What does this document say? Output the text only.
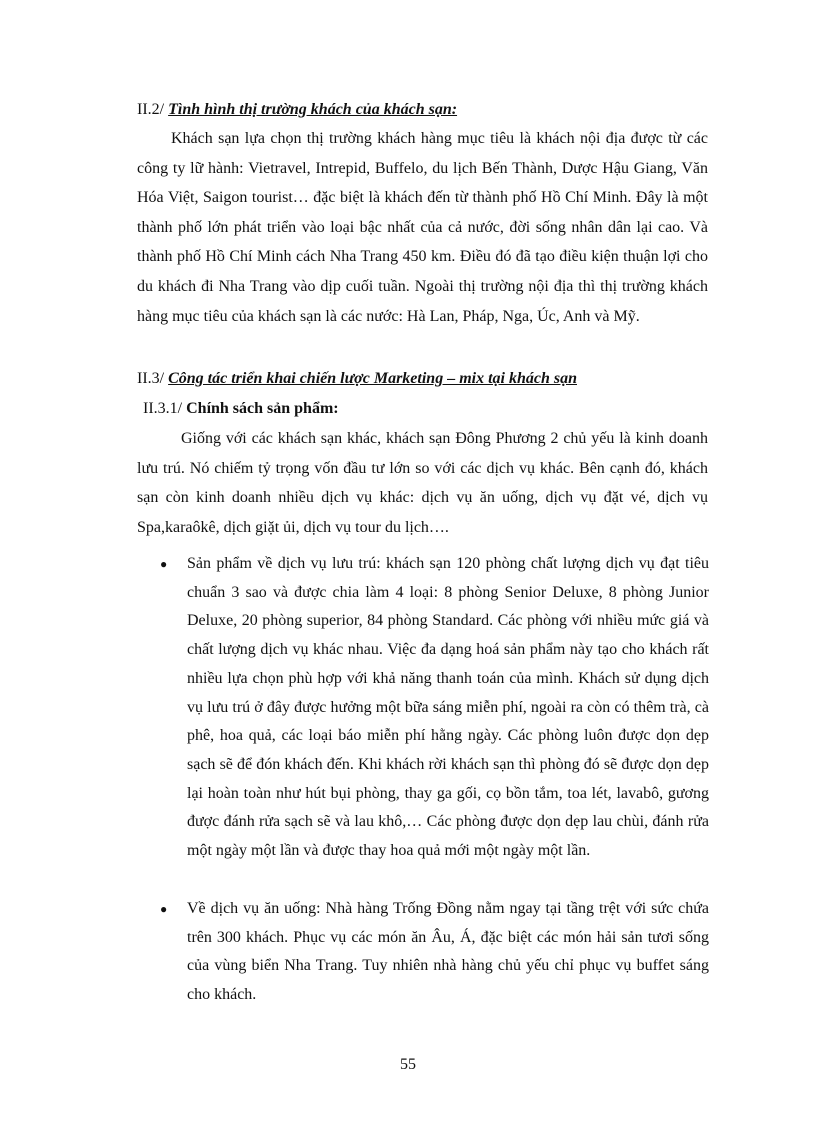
II.2/ Tình hình thị trường khách của khách sạn:
Khách sạn lựa chọn thị trường khách hàng mục tiêu là khách nội địa được từ các công ty lữ hành: Vietravel, Intrepid, Buffelo, du lịch Bến Thành, Dược Hậu Giang, Văn Hóa Việt, Saigon tourist… đặc biệt là khách đến từ thành phố Hồ Chí Minh. Đây là một thành phố lớn phát triển vào loại bậc nhất của cả nước, đời sống nhân dân lại cao. Và thành phố Hồ Chí Minh cách Nha Trang 450 km. Điều đó đã tạo điều kiện thuận lợi cho du khách đi Nha Trang vào dịp cuối tuần. Ngoài thị trường nội địa thì thị trường khách hàng mục tiêu của khách sạn là các nước: Hà Lan, Pháp, Nga, Úc, Anh và Mỹ.
II.3/ Công tác triển khai chiến lược Marketing – mix tại khách sạn
II.3.1/ Chính sách sản phẩm:
Giống với các khách sạn khác, khách sạn Đông Phương 2 chủ yếu là kinh doanh lưu trú. Nó chiếm tỷ trọng vốn đầu tư lớn so với các dịch vụ khác. Bên cạnh đó, khách sạn còn kinh doanh nhiều dịch vụ khác: dịch vụ ăn uống, dịch vụ đặt vé, dịch vụ Spa,karaôkê, dịch giặt ủi, dịch vụ tour du lịch….
● Sản phẩm về dịch vụ lưu trú: khách sạn 120 phòng chất lượng dịch vụ đạt tiêu chuẩn 3 sao và được chia làm 4 loại: 8 phòng Senior Deluxe, 8 phòng Junior Deluxe, 20 phòng superior, 84 phòng Standard. Các phòng với nhiều mức giá và chất lượng dịch vụ khác nhau. Việc đa dạng hoá sản phẩm này tạo cho khách rất nhiều lựa chọn phù hợp với khả năng thanh toán của mình. Khách sử dụng dịch vụ lưu trú ở đây được hưởng một bữa sáng miễn phí, ngoài ra còn có thêm trà, cà phê, hoa quả, các loại báo miễn phí hằng ngày. Các phòng luôn được dọn dẹp sạch sẽ để đón khách đến. Khi khách rời khách sạn thì phòng đó sẽ được dọn dẹp lại hoàn toàn như hút bụi phòng, thay ga gối, cọ bồn tắm, toa lét, lavabô, gương được đánh rửa sạch sẽ và lau khô,… Các phòng được dọn dẹp lau chùi, đánh rửa một ngày một lần và được thay hoa quả mới một ngày một lần.
● Về dịch vụ ăn uống: Nhà hàng Trống Đồng nằm ngay tại tầng trệt với sức chứa trên 300 khách. Phục vụ các món ăn Âu, Á, đặc biệt các món hải sản tươi sống của vùng biển Nha Trang. Tuy nhiên nhà hàng chủ yếu chỉ phục vụ buffet sáng cho khách.
55
